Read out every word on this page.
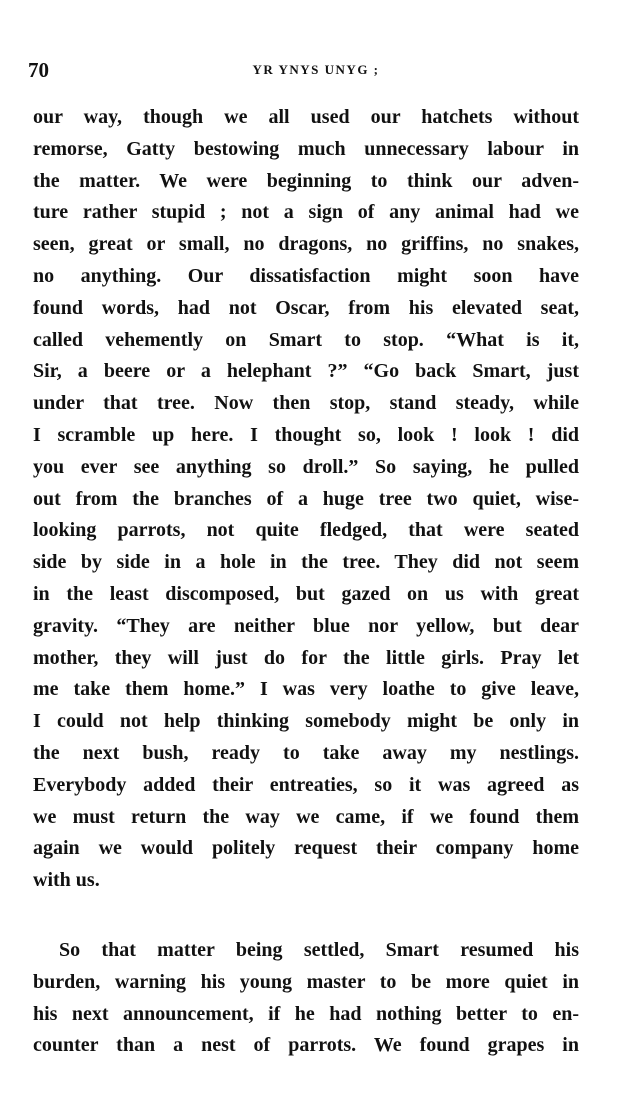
70	YR YNYS UNYG ;
our way, though we all used our hatchets without
remorse, Gatty bestowing much unnecessary labour in
the matter. We were beginning to think our adven-
ture rather stupid ; not a sign of any animal had we
seen, great or small, no dragons, no griffins, no snakes,
no anything. Our dissatisfaction might soon have
found words, had not Oscar, from his elevated seat,
called vehemently on Smart to stop. “What is it,
Sir, a beere or a helephant ?” “Go back Smart, just
under that tree. Now then stop, stand steady, while
I scramble up here. I thought so, look ! look ! did
you ever see anything so droll.” So saying, he pulled
out from the branches of a huge tree two quiet, wise-
looking parrots, not quite fledged, that were seated
side by side in a hole in the tree. They did not seem
in the least discomposed, but gazed on us with great
gravity. “They are neither blue nor yellow, but dear
mother, they will just do for the little girls. Pray let
me take them home.” I was very loathe to give leave,
I could not help thinking somebody might be only in
the next bush, ready to take away my nestlings.
Everybody added their entreaties, so it was agreed as
we must return the way we came, if we found them
again we would politely request their company home
with us.
So that matter being settled, Smart resumed his
burden, warning his young master to be more quiet in
his next announcement, if he had nothing better to en-
counter than a nest of parrots. We found grapes in
